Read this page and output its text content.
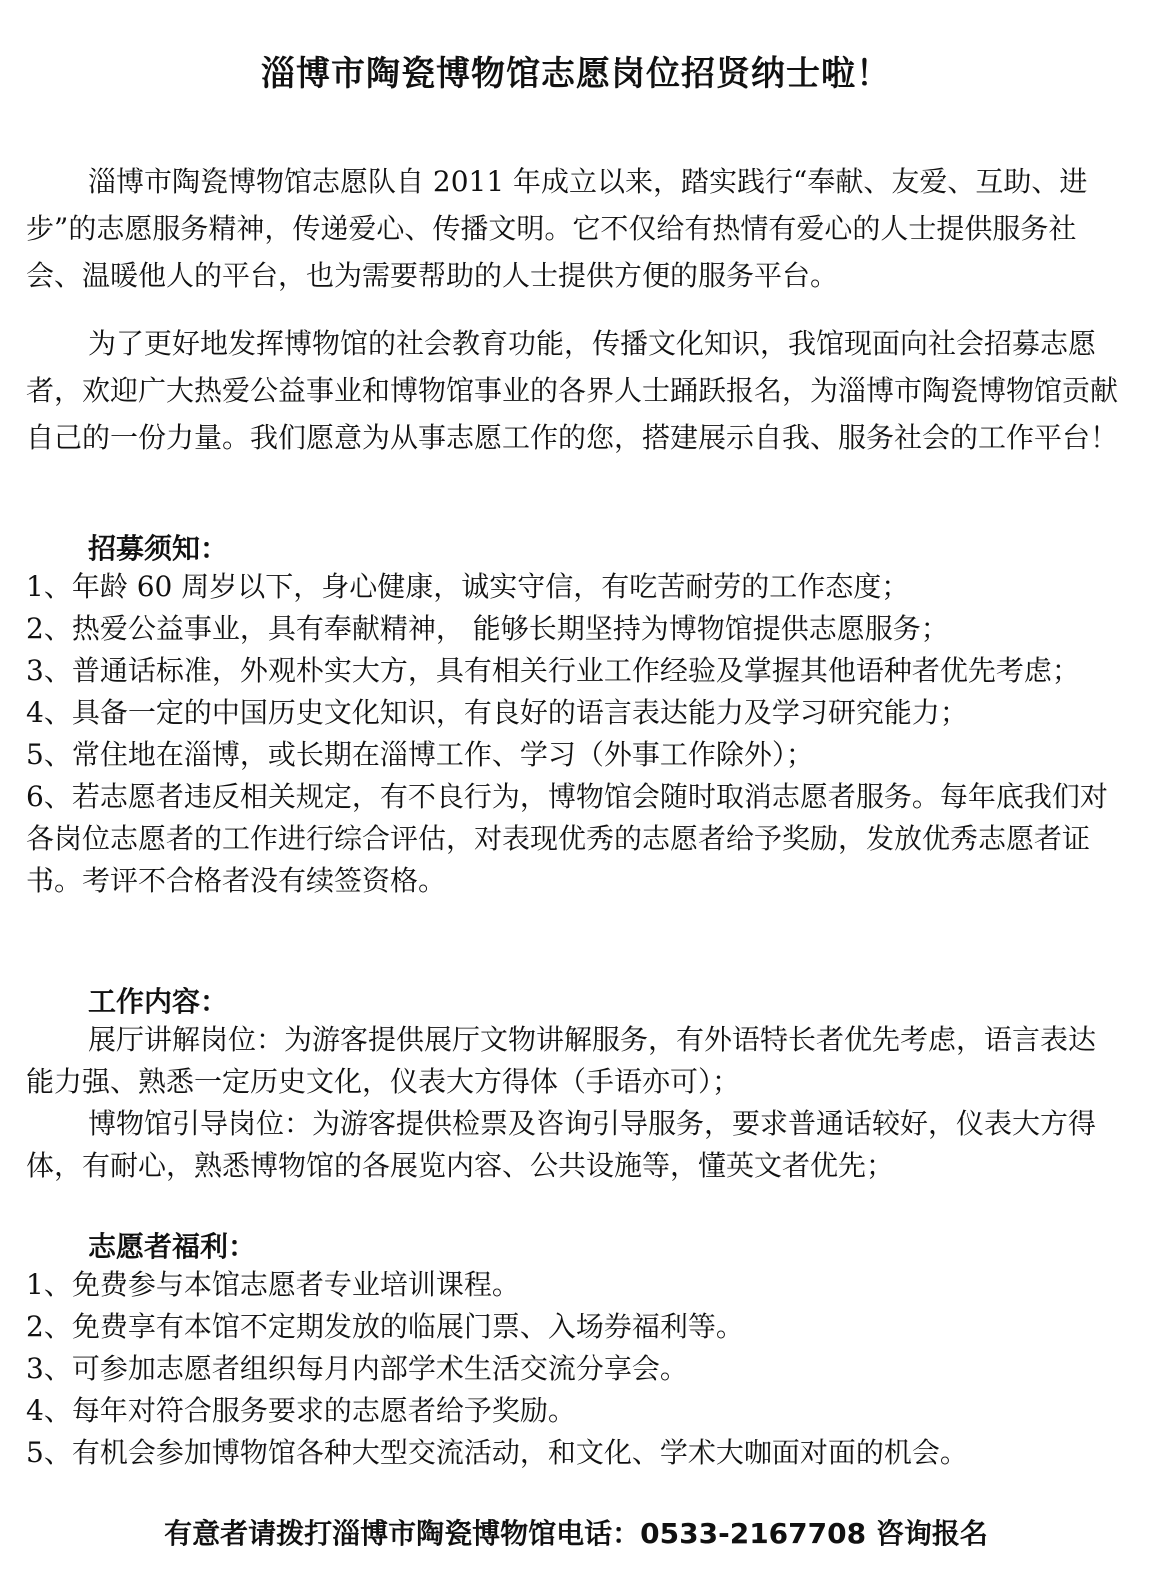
淄博市陶瓷博物馆志愿岗位招贤纳士啦！

淄博市陶瓷博物馆志愿队自 2011 年成立以来，踏实践行“奉献、友爱、互助、进步”的志愿服务精神，传递爱心、传播文明。它不仅给有热情有爱心的人士提供服务社会、温暖他人的平台，也为需要帮助的人士提供方便的服务平台。

为了更好地发挥博物馆的社会教育功能，传播文化知识，我馆现面向社会招募志愿者，欢迎广大热爱公益事业和博物馆事业的各界人士踊跃报名，为淄博市陶瓷博物馆贡献自己的一份力量。我们愿意为从事志愿工作的您，搭建展示自我、服务社会的工作平台！

招募须知：
1、年龄 60 周岁以下，身心健康，诚实守信，有吃苦耐劳的工作态度；
2、热爱公益事业，具有奉献精神， 能够长期坚持为博物馆提供志愿服务；
3、普通话标准，外观朴实大方，具有相关行业工作经验及掌握其他语种者优先考虑；
4、具备一定的中国历史文化知识，有良好的语言表达能力及学习研究能力；
5、常住地在淄博，或长期在淄博工作、学习（外事工作除外）；
6、若志愿者违反相关规定，有不良行为，博物馆会随时取消志愿者服务。每年底我们对各岗位志愿者的工作进行综合评估，对表现优秀的志愿者给予奖励，发放优秀志愿者证书。考评不合格者没有续签资格。
工作内容：

展厅讲解岗位：为游客提供展厅文物讲解服务，有外语特长者优先考虑，语言表达能力强、熟悉一定历史文化，仪表大方得体（手语亦可）；

博物馆引导岗位：为游客提供检票及咨询引导服务，要求普通话较好，仪表大方得体，有耐心，熟悉博物馆的各展览内容、公共设施等，懂英文者优先；

志愿者福利：
1、免费参与本馆志愿者专业培训课程。
2、免费享有本馆不定期发放的临展门票、入场券福利等。
3、可参加志愿者组织每月内部学术生活交流分享会。
4、每年对符合服务要求的志愿者给予奖励。
5、有机会参加博物馆各种大型交流活动，和文化、学术大咖面对面的机会。
有意者请拨打淄博市陶瓷博物馆电话：0533-2167708 咨询报名
